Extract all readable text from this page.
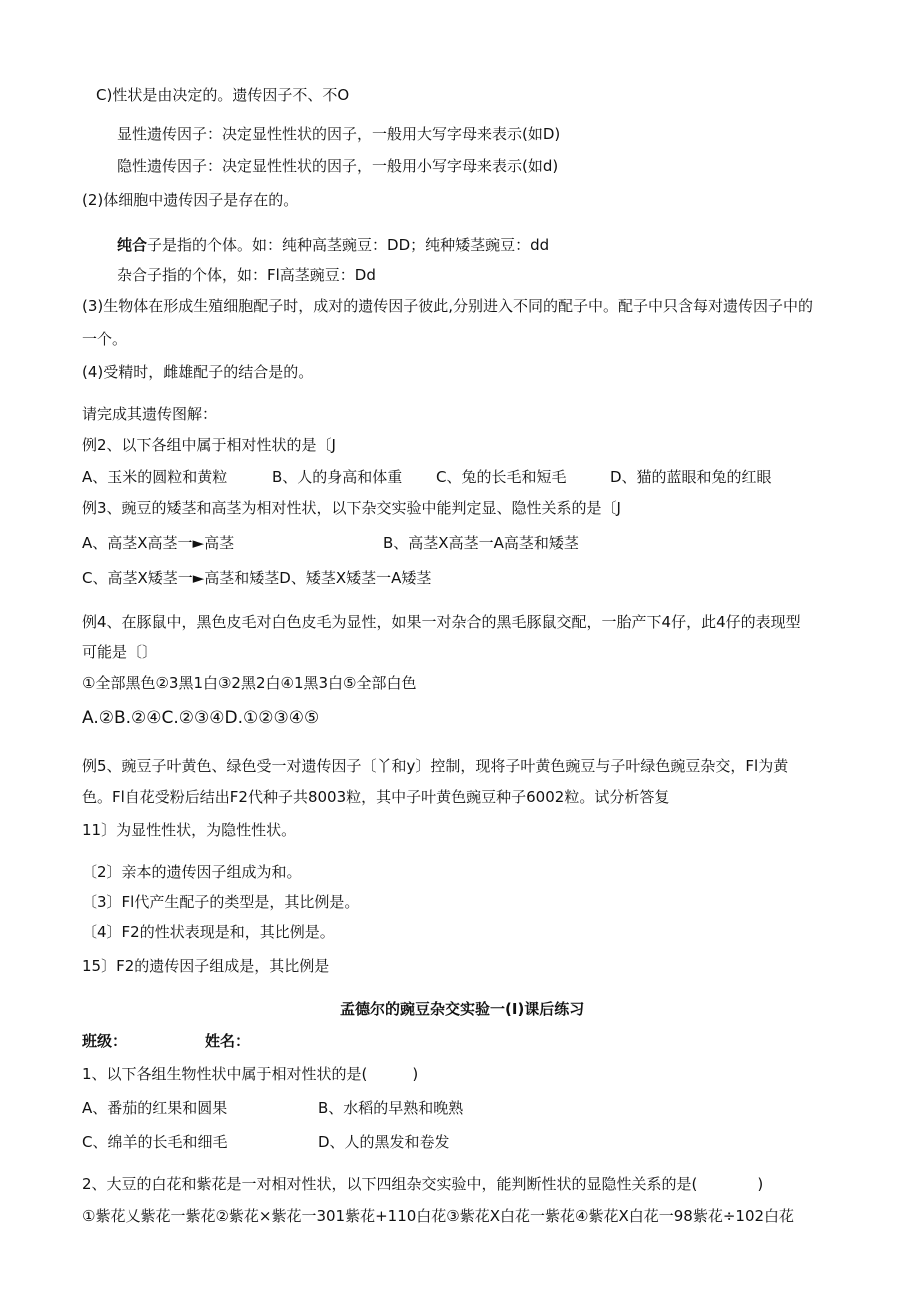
C)性状是由决定的。遗传因子不、不O
显性遗传因子：决定显性性状的因子，一般用大写字母来表示(如D)
隐性遗传因子：决定显性性状的因子，一般用小写字母来表示(如d)
(2)体细胞中遗传因子是存在的。
纯合子是指的个体。如：纯种高茎豌豆：DD；纯种矮茎豌豆：dd
杂合子指的个体，如：Fl高茎豌豆：Dd
(3)生物体在形成生殖细胞配子时，成对的遗传因子彼此,分别进入不同的配子中。配子中只含每对遗传因子中的
一个。
(4)受精时，雌雄配子的结合是的。
请完成其遗传图解：
例2、以下各组中属于相对性状的是〔J
A、玉米的圆粒和黄粒	B、人的身高和体重 C、兔的长毛和短毛	D、猫的蓝眼和兔的红眼
例3、豌豆的矮茎和高茎为相对性状，以下杂交实验中能判定显、隐性关系的是〔J
A、高茎X高茎一►高茎	B、高茎X高茎一A高茎和矮茎
C、高茎X矮茎一►高茎和矮茎D、矮茎X矮茎一A矮茎
例4、在豚鼠中，黑色皮毛对白色皮毛为显性，如果一对杂合的黑毛豚鼠交配，一胎产下4仔，此4仔的表现型
可能是〔〕
①全部黑色②3黑1白③2黑2白④1黑3白⑤全部白色
A.②B.②④C.②③④D.①②③④⑤
例5、豌豆子叶黄色、绿色受一对遗传因子〔丫和y〕控制，现将子叶黄色豌豆与子叶绿色豌豆杂交，Fl为黄
色。Fl自花受粉后结出F2代种子共8003粒，其中子叶黄色豌豆种子6002粒。试分析答复
11〕为显性性状，为隐性性状。
〔2〕亲本的遗传因子组成为和。
〔3〕Fl代产生配子的类型是，其比例是。
〔4〕F2的性状表现是和，其比例是。
15〕F2的遗传因子组成是，其比例是
孟德尔的豌豆杂交实验一(I)课后练习
班级：	姓名：
1、以下各组生物性状中属于相对性状的是(　　　)
A、番茄的红果和圆果	B、水稻的早熟和晚熟
C、绵羊的长毛和细毛	D、人的黑发和卷发
2、大豆的白花和紫花是一对相对性状，以下四组杂交实验中，能判断性状的显隐性关系的是(　　　　)
①紫花乂紫花一紫花②紫花×紫花一301紫花+110白花③紫花X白花一紫花④紫花X白花一98紫花÷102白花
